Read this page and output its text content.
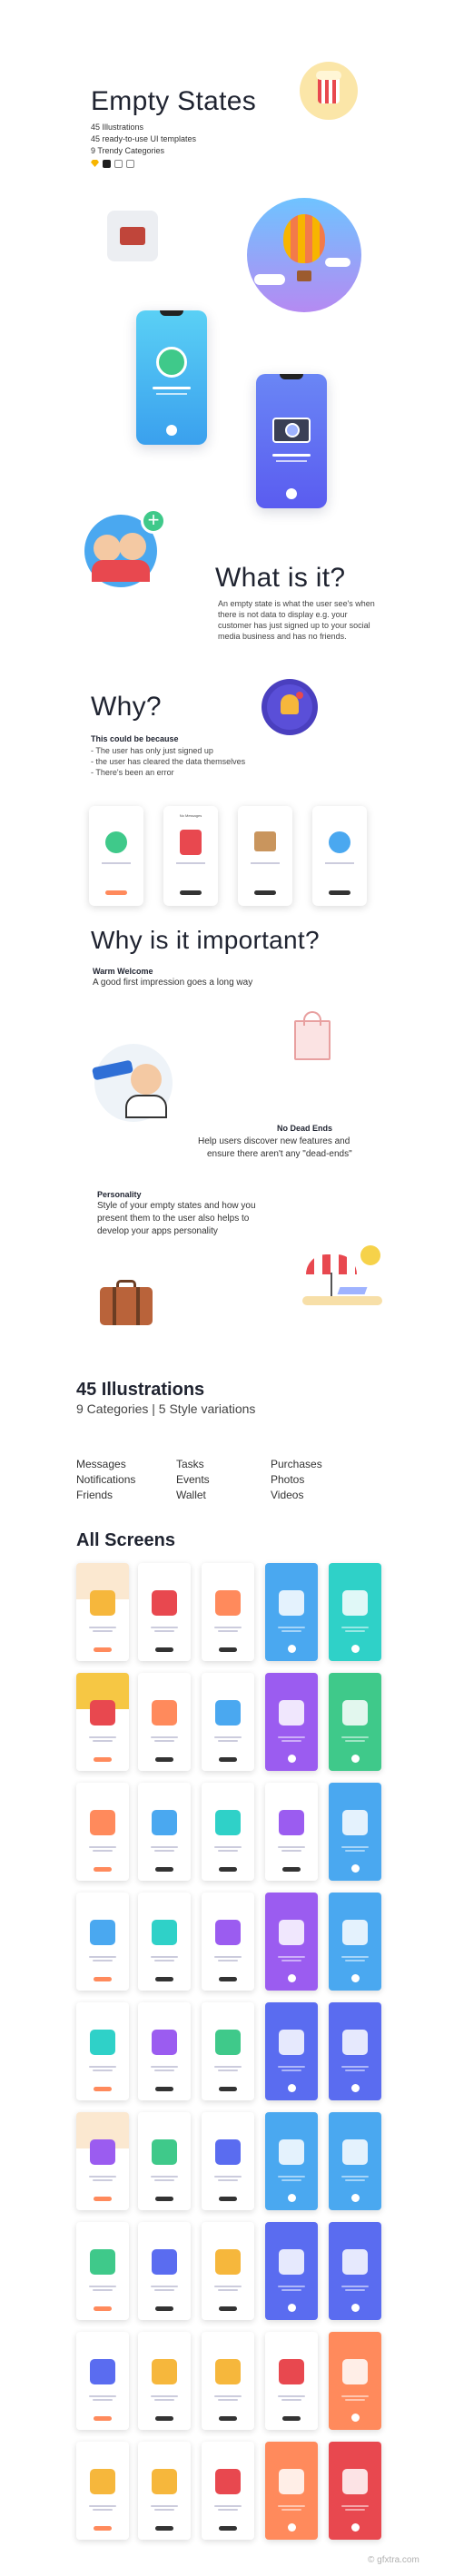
Empty States
45 Illustrations
45 ready-to-use UI templates
9 Trendy Categories
+
What is it?
An empty state is what the user see's when there is not data to display e.g. your customer has just signed up to your social media business and has no friends.
Why?
This could be because
- The user has only just signed up
- the user has cleared the data themselves
- There's been an error
No Messages
Why is it important?
Warm Welcome
A good first impression goes a long way
No Dead Ends
Help users discover new features and
ensure there aren't any "dead-ends"
Personality
Style of your empty states and how you
present them to the user also helps to
develop your apps personality
45 Illustrations
9 Categories | 5 Style variations
Messages
Notifications
Friends
Tasks
Events
Wallet
Purchases
Photos
Videos
All Screens
© gfxtra.com
